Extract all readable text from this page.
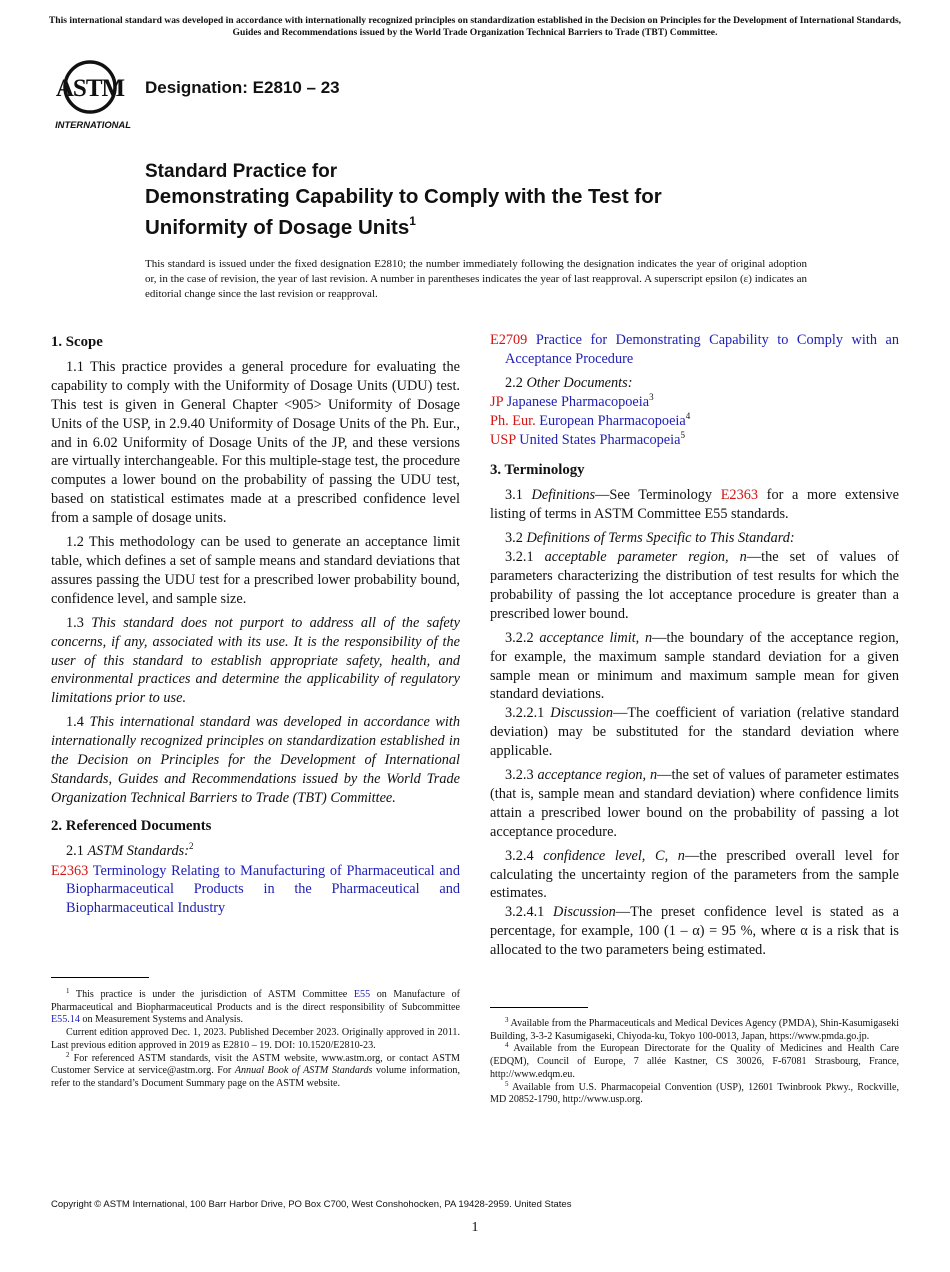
This international standard was developed in accordance with internationally recognized principles on standardization established in the Decision on Principles for the Development of International Standards, Guides and Recommendations issued by the World Trade Organization Technical Barriers to Trade (TBT) Committee.
ASTM
INTERNATIONAL
Designation: E2810 – 23
Standard Practice for
Demonstrating Capability to Comply with the Test for
Uniformity of Dosage Units$^1$
This standard is issued under the fixed designation E2810; the number immediately following the designation indicates the year of original adoption or, in the case of revision, the year of last revision. A number in parentheses indicates the year of last reapproval. A superscript epsilon (ε) indicates an editorial change since the last revision or reapproval.
1. Scope

1.1 This practice provides a general procedure for evaluating the capability to comply with the Uniformity of Dosage Units (UDU) test. This test is given in General Chapter <905> Uniformity of Dosage Units of the USP, in 2.9.40 Uniformity of Dosage Units of the Ph. Eur., and in 6.02 Uniformity of Dosage Units of the JP, and these versions are virtually interchangeable. For this multiple-stage test, the procedure computes a lower bound on the probability of passing the UDU test, based on statistical estimates made at a prescribed confidence level from a sample of dosage units.

1.2 This methodology can be used to generate an acceptance limit table, which defines a set of sample means and standard deviations that assures passing the UDU test for a prescribed lower probability bound, confidence level, and sample size.

1.3 This standard does not purport to address all of the safety concerns, if any, associated with its use. It is the responsibility of the user of this standard to establish appropriate safety, health, and environmental practices and determine the applicability of regulatory limitations prior to use.

1.4 This international standard was developed in accordance with internationally recognized principles on standardization established in the Decision on Principles for the Development of International Standards, Guides and Recommendations issued by the World Trade Organization Technical Barriers to Trade (TBT) Committee.

2. Referenced Documents

2.1 ASTM Standards:$^2$

E2363 Terminology Relating to Manufacturing of Pharmaceutical and Biopharmaceutical Products in the Pharmaceutical and Biopharmaceutical Industry

E2709 Practice for Demonstrating Capability to Comply with an Acceptance Procedure

2.2 Other Documents:

JP Japanese Pharmacopoeia$^3$

Ph. Eur. European Pharmacopoeia$^4$

USP United States Pharmacopeia$^5$

3. Terminology

3.1 Definitions—See Terminology E2363 for a more extensive listing of terms in ASTM Committee E55 standards.

3.2 Definitions of Terms Specific to This Standard:

3.2.1 acceptable parameter region, n—the set of values of parameters characterizing the distribution of test results for which the probability of passing the lot acceptance procedure is greater than a prescribed lower bound.

3.2.2 acceptance limit, n—the boundary of the acceptance region, for example, the maximum sample standard deviation for a given sample mean or minimum and maximum sample mean for given standard deviations.

3.2.2.1 Discussion—The coefficient of variation (relative standard deviation) may be substituted for the standard deviation where applicable.

3.2.3 acceptance region, n—the set of values of parameter estimates (that is, sample mean and standard deviation) where confidence limits attain a prescribed lower bound on the probability of passing a lot acceptance procedure.

3.2.4 confidence level, C, n—the prescribed overall level for calculating the uncertainty region of the parameters from the sample estimates.

3.2.4.1 Discussion—The preset confidence level is stated as a percentage, for example, 100 (1 – α) = 95 %, where α is a risk that is allocated to the two parameters being estimated.

$^1$ This practice is under the jurisdiction of ASTM Committee E55 on Manufacture of Pharmaceutical and Biopharmaceutical Products and is the direct responsibility of Subcommittee E55.14 on Measurement Systems and Analysis.

Current edition approved Dec. 1, 2023. Published December 2023. Originally approved in 2011. Last previous edition approved in 2019 as E2810 – 19. DOI: 10.1520/E2810-23.

$^2$ For referenced ASTM standards, visit the ASTM website, www.astm.org, or contact ASTM Customer Service at service@astm.org. For Annual Book of ASTM Standards volume information, refer to the standard’s Document Summary page on the ASTM website.

$^3$ Available from the Pharmaceuticals and Medical Devices Agency (PMDA), Shin-Kasumigaseki Building, 3-3-2 Kasumigaseki, Chiyoda-ku, Tokyo 100-0013, Japan, https://www.pmda.go.jp.

$^4$ Available from the European Directorate for the Quality of Medicines and Health Care (EDQM), Council of Europe, 7 allée Kastner, CS 30026, F-67081 Strasbourg, France, http://www.edqm.eu.

$^5$ Available from U.S. Pharmacopeial Convention (USP), 12601 Twinbrook Pkwy., Rockville, MD 20852-1790, http://www.usp.org.

Copyright © ASTM International, 100 Barr Harbor Drive, PO Box C700, West Conshohocken, PA 19428-2959. United States
1
